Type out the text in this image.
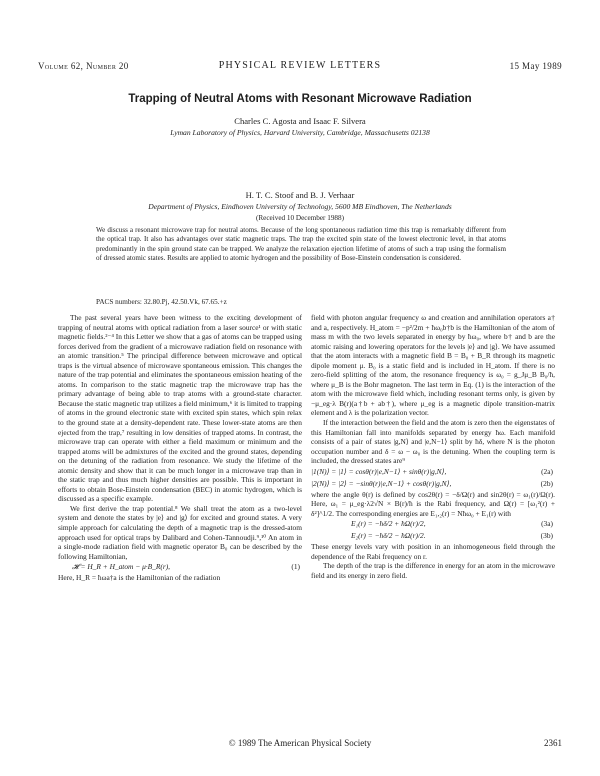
Volume 62, Number 20	PHYSICAL REVIEW LETTERS	15 May 1989
Trapping of Neutral Atoms with Resonant Microwave Radiation
Charles C. Agosta and Isaac F. Silvera
Lyman Laboratory of Physics, Harvard University, Cambridge, Massachusetts 02138
H. T. C. Stoof and B. J. Verhaar
Department of Physics, Eindhoven University of Technology, 5600 MB Eindhoven, The Netherlands
(Received 10 December 1988)
We discuss a resonant microwave trap for neutral atoms. Because of the long spontaneous radiation time this trap is remarkably different from the optical trap. It also has advantages over static magnetic traps. The trap the excited spin state of the lowest electronic level, in that atoms predominantly in the spin ground state can be trapped. We analyze the relaxation ejection lifetime of atoms of such a trap using the formalism of dressed atomic states. Results are applied to atomic hydrogen and the possibility of Bose-Einstein condensation is considered.
PACS numbers: 32.80.Pj, 42.50.Vk, 67.65.+z

The past several years have been witness to the exciting development of trapping of neutral atoms with optical radiation from a laser source¹ or with static magnetic fields.²⁻⁴ In this Letter we show that a gas of atoms can be trapped using forces derived from the gradient of a microwave radiation field on resonance with an atomic transition.⁵ The principal difference between microwave and optical traps is the virtual absence of microwave spontaneous emission. This changes the nature of the trap potential and eliminates the spontaneous emission heating of the atoms. In comparison to the static magnetic trap the microwave trap has the primary advantage of being able to trap atoms with a ground-state character. Because the static magnetic trap utilizes a field minimum,⁶ it is limited to trapping of atoms in the ground electronic state with excited spin states, which spin relax to the ground state at a density-dependent rate. These lower-state atoms are then ejected from the trap,⁷ resulting in low densities of trapped atoms. In contrast, the microwave trap can operate with either a field maximum or minimum and the trapped atoms will be admixtures of the excited and the ground states, depending on the detuning of the radiation from resonance. We study the lifetime of the atomic density and show that it can be much longer in a microwave trap than in the static trap and thus much higher densities are possible. This is important in efforts to obtain Bose-Einstein condensation (BEC) in atomic hydrogen, which is discussed as a specific example.

We first derive the trap potential.⁸ We shall treat the atom as a two-level system and denote the states by |e⟩ and |g⟩ for excited and ground states. A very simple approach for calculating the depth of a magnetic trap is the dressed-atom approach used for optical traps by Dalibard and Cohen-Tannoudji.⁹,¹⁰ An atom in a single-mode radiation field with magnetic operator B₀ can be described by the following Hamiltonian,

𝓗 = H_R + H_atom − μ·B_R(r),	(1)

Here, H_R = ħωa†a is the Hamiltonian of the radiation

field with photon angular frequency ω and creation and annihilation operators a† and a, respectively. H_atom = −p²/2m + ħω₀b†b is the Hamiltonian of the atom of mass m with the two levels separated in energy by ħω₀, where b† and b are the atomic raising and lowering operators for the levels |e⟩ and |g⟩. We have assumed that the atom interacts with a magnetic field B = B₀ + B_R through its magnetic dipole moment μ. B₀ is a static field and is included in H_atom. If there is no zero-field splitting of the atom, the resonance frequency is ω₀ = g_Jμ_B B₀/ħ, where μ_B is the Bohr magneton. The last term in Eq. (1) is the interaction of the atom with the microwave field which, including resonant terms only, is given by −μ_eg·λ B(r)(a†b + ab†), where μ_eg is a magnetic dipole transition-matrix element and λ is the polarization vector.

If the interaction between the field and the atom is zero then the eigenstates of this Hamiltonian fall into manifolds separated by energy ħω. Each manifold consists of a pair of states |g,N⟩ and |e,N−1⟩ split by ħδ, where N is the photon occupation number and δ = ω − ω₀ is the detuning. When the coupling term is included, the dressed states are⁹

|1(N)⟩ = |1⟩ = cosθ(r)|e,N−1⟩ + sinθ(r)|g,N⟩,	(2a)
|2(N)⟩ = |2⟩ = −sinθ(r)|e,N−1⟩ + cosθ(r)|g,N⟩,	(2b)

where the angle θ(r) is defined by cos2θ(r) = −δ/Ω(r) and sin2θ(r) = ω₁(r)/Ω(r). Here, ω₁ = μ_eg·λ2√N × B(r)/ħ is the Rabi frequency, and Ω(r) = [ω₁²(r) + δ²]^1/2. The corresponding energies are E₁,₂(r) = Nħω₀ + E₁(r) with

E₁(r) = −ħδ/2 + ħΩ(r)/2,	(3a)
E₂(r) = −ħδ/2 − ħΩ(r)/2.	(3b)

These energy levels vary with position in an inhomogeneous field through the dependence of the Rabi frequency on r.

The depth of the trap is the difference in energy for an atom in the microwave field and its energy in zero field.

© 1989 The American Physical Society	2361
